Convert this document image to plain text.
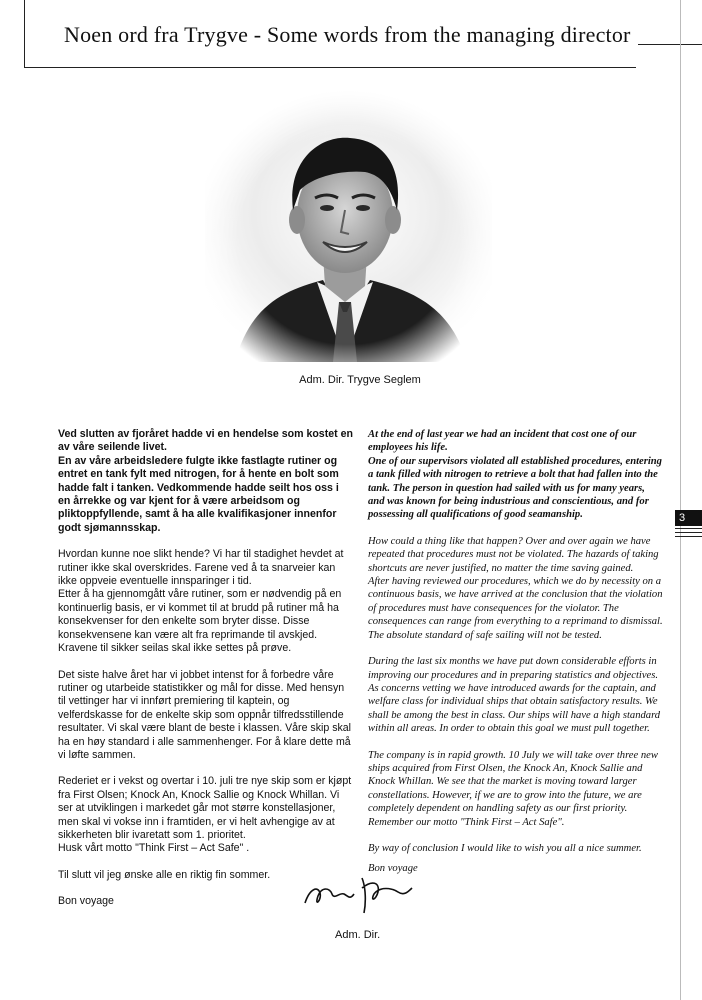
Noen ord fra Trygve - Some words from the managing director
Adm. Dir. Trygve Seglem

Ved slutten av fjoråret hadde vi en hendelse som kostet en av våre seilende livet.
En av våre arbeidsledere fulgte ikke fastlagte rutiner og entret en tank fylt med nitrogen, for å hente en bolt som hadde falt i tanken. Vedkommende hadde seilt hos oss i en årrekke og var kjent for å være arbeidsom og pliktoppfyllende, samt å ha alle kvalifikasjoner innenfor godt sjømannsskap.

Hvordan kunne noe slikt hende? Vi har til stadighet hevdet at rutiner ikke skal overskrides. Farene ved å ta snarveier kan ikke oppveie eventuelle innsparinger i tid.
Etter å ha gjennomgått våre rutiner, som er nødvendig på en kontinuerlig basis, er vi kommet til at brudd på rutiner må ha konsekvenser for den enkelte som bryter disse. Disse konsekvensene kan være alt fra reprimande til avskjed. Kravene til sikker seilas skal ikke settes på prøve.

Det siste halve året har vi jobbet intenst for å forbedre våre rutiner og utarbeide statistikker og mål for disse. Med hensyn til vettinger har vi innført premiering til kaptein, og velferdskasse for de enkelte skip som oppnår tilfredsstillende resultater. Vi skal være blant de beste i klassen. Våre skip skal ha en høy standard i alle sammenhenger. For å klare dette må vi løfte sammen.

Rederiet er i vekst og overtar i 10. juli tre nye skip som er kjøpt fra First Olsen; Knock An, Knock Sallie og Knock Whillan. Vi ser at utviklingen i markedet går mot større konstellasjoner, men skal vi vokse inn i framtiden, er vi helt avhengige av at sikkerheten blir ivaretatt som 1. prioritet.
Husk vårt motto "Think First – Act Safe" .

Til slutt vil jeg ønske alle en riktig fin sommer.

Bon voyage

At the end of last year we had an incident that cost one of our employees his life.
One of our supervisors violated all established procedures, entering a tank filled with nitrogen to retrieve a bolt that had fallen into the tank. The person in question had sailed with us for many years, and was known for being industrious and conscientious, and for possessing all qualifications of good seamanship.

How could a thing like that happen? Over and over again we have repeated that procedures must not be violated. The hazards of taking shortcuts are never justified, no matter the time saving gained.
After having reviewed our procedures, which we do by necessity on a continuous basis, we have arrived at the conclusion that the violation of procedures must have consequences for the violator. The consequences can range from everything to a reprimand to dismissal. The absolute standard of safe sailing will not be tested.

During the last six months we have put down considerable efforts in improving our procedures and in preparing statistics and objectives. As concerns vetting we have introduced awards for the captain, and welfare class for individual ships that obtain satisfactory results. We shall be among the best in class. Our ships will have a high standard within all areas. In order to obtain this goal we must pull together.

The company is in rapid growth. 10 July we will take over three new ships acquired from First Olsen, the Knock An, Knock Sallie and Knock Whillan. We see that the market is moving toward larger constellations. However, if we are to grow into the future, we are completely dependent on handling safety as our first priority.
Remember our motto "Think First – Act Safe".

By way of conclusion I would like to wish you all a nice summer.

Bon voyage

3
Adm. Dir.
